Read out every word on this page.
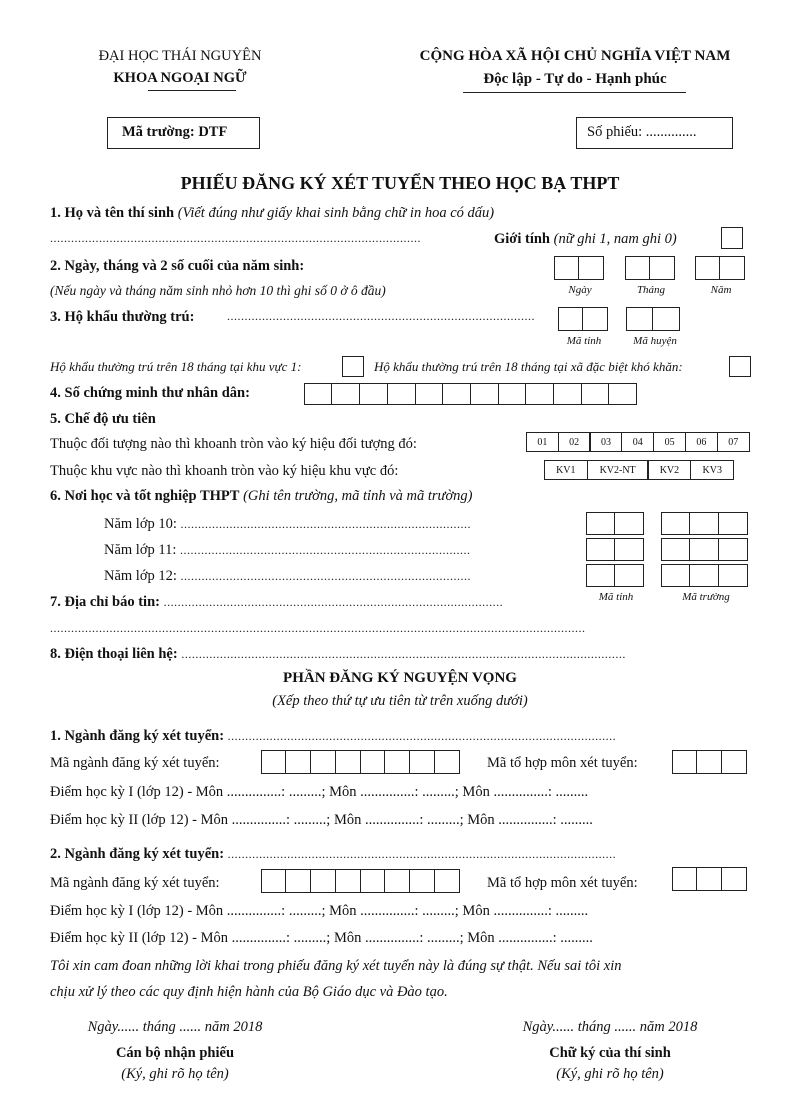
ĐẠI HỌC THÁI NGUYÊN
KHOA NGOẠI NGỮ
CỘNG HÒA XÃ HỘI CHỦ NGHĨA VIỆT NAM
Độc lập - Tự do - Hạnh phúc
Mã trường: DTF	Số phiếu: ..............
PHIẾU ĐĂNG KÝ XÉT TUYỂN THEO HỌC BẠ THPT
1. Họ và tên thí sinh (Viết đúng như giấy khai sinh bằng chữ in hoa có dấu)
..........................................................................................................	Giới tính (nữ ghi 1, nam ghi 0)
2. Ngày, tháng và 2 số cuối của năm sinh:
(Nếu ngày và tháng năm sinh nhỏ hơn 10 thì ghi số 0 ở ô đầu)	Ngày	Tháng	Năm
3. Hộ khẩu thường trú:	........................................................................................
Mã tỉnh	Mã huyện
Hộ khẩu thường trú trên 18 tháng tại khu vực 1:	Hộ khẩu thường trú trên 18 tháng tại xã đặc biệt khó khăn:
4. Số chứng minh thư nhân dân:
5. Chế độ ưu tiên
Thuộc đối tượng nào thì khoanh tròn vào ký hiệu đối tượng đó:	01	02	03	04	05	06	07
Thuộc khu vực nào thì khoanh tròn vào ký hiệu khu vực đó:	KV1	KV2-NT	KV2	KV3
6. Nơi học và tốt nghiệp THPT (Ghi tên trường, mã tỉnh và mã trường)
Năm lớp 10: ...................................................................................
Năm lớp 11: ...................................................................................
Năm lớp 12: ...................................................................................
Mã tỉnh	Mã trường
7. Địa chỉ báo tin: .................................................................................................
.........................................................................................................................................................
8. Điện thoại liên hệ: ...............................................................................................................................
PHẦN ĐĂNG KÝ NGUYỆN VỌNG
(Xếp theo thứ tự ưu tiên từ trên xuống dưới)
1. Ngành đăng ký xét tuyển: ...............................................................................................................
Mã ngành đăng ký xét tuyển:	Mã tổ hợp môn xét tuyển:
Điểm học kỳ I (lớp 12) - Môn ...............: .........; Môn ...............: .........; Môn ...............: .........
Điểm học kỳ II (lớp 12) - Môn ...............: .........; Môn ...............: .........; Môn ...............: .........
2. Ngành đăng ký xét tuyển: ...............................................................................................................
Mã ngành đăng ký xét tuyển:	Mã tổ hợp môn xét tuyển:
Điểm học kỳ I (lớp 12) - Môn ...............: .........; Môn ...............: .........; Môn ...............: .........
Điểm học kỳ II (lớp 12) - Môn ...............: .........; Môn ...............: .........; Môn ...............: .........
Tôi xin cam đoan những lời khai trong phiếu đăng ký xét tuyển này là đúng sự thật. Nếu sai tôi xin
chịu xử lý theo các quy định hiện hành của Bộ Giáo dục và Đào tạo.
Ngày...... tháng ...... năm 2018	Ngày...... tháng ...... năm 2018
Cán bộ nhận phiếu	Chữ ký của thí sinh
(Ký, ghi rõ họ tên)	(Ký, ghi rõ họ tên)
